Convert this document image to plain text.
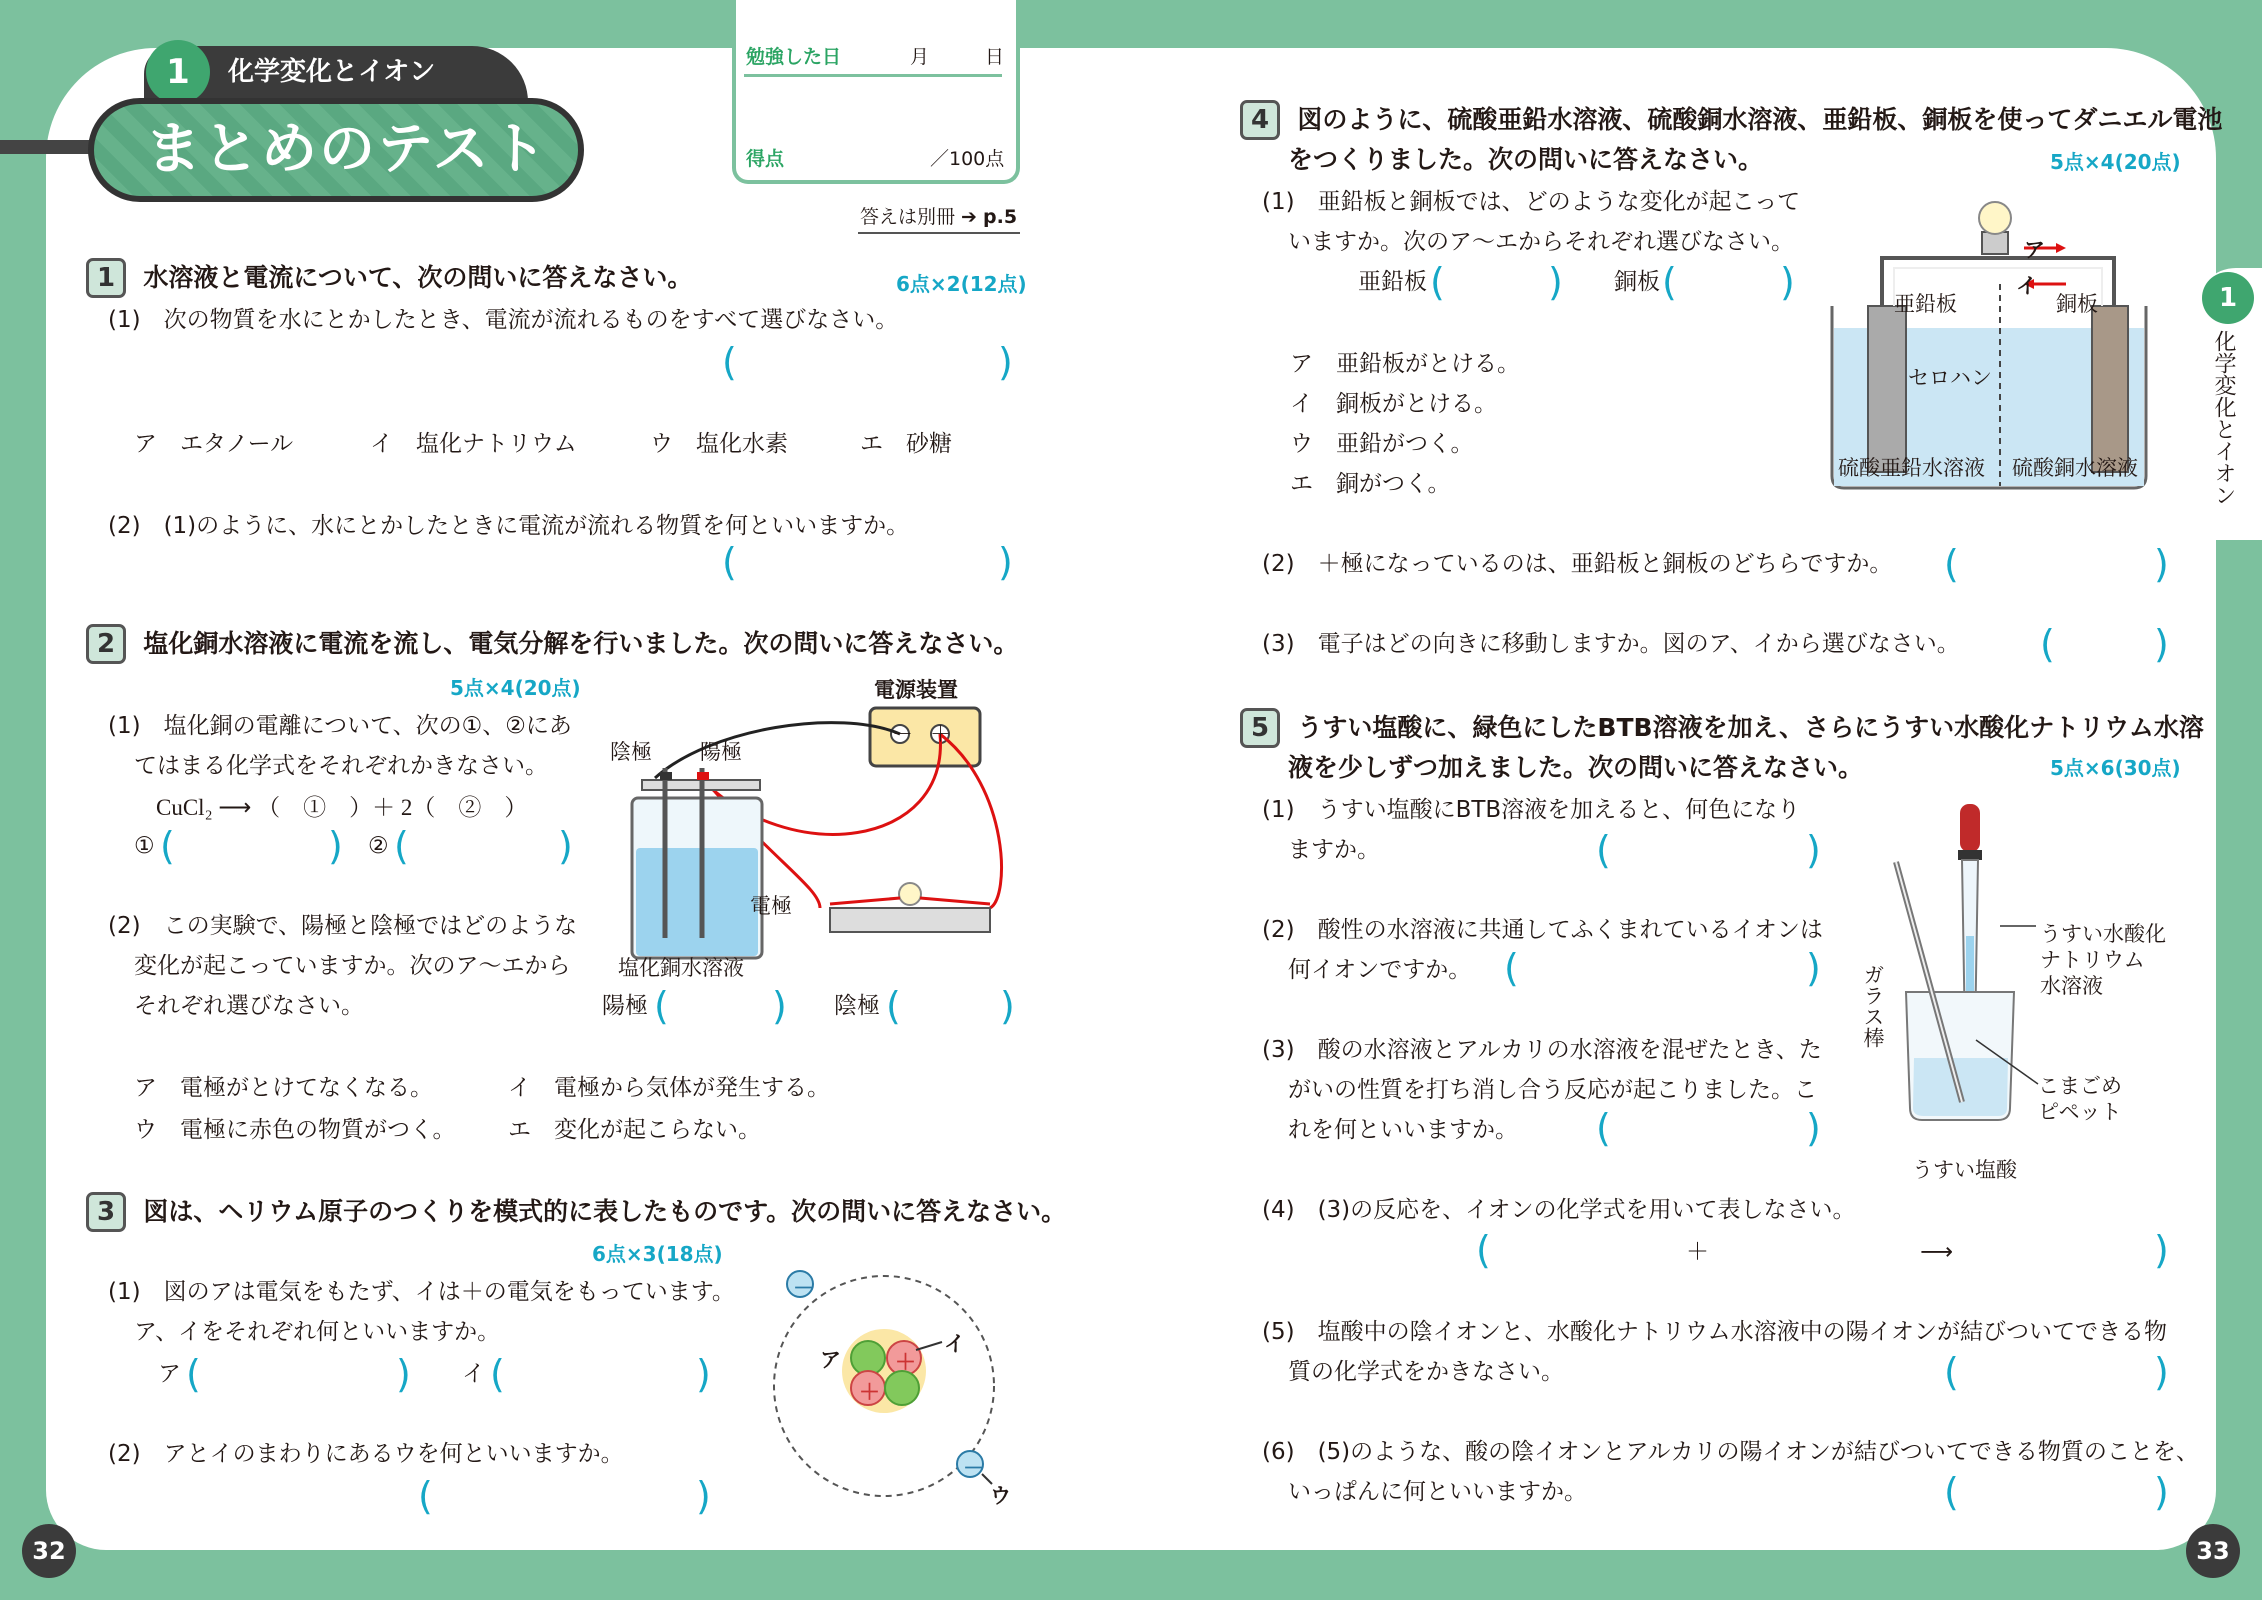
1	化学変化とイオン
まとめのテスト
勉強した日	月	日
得点	／100点
答えは別冊 ➔ p.5
1
化学変化とイオン
32	33
1 水溶液と電流について、次の問いに答えなさい。	6点×2(12点)
(1)　次の物質を水にとかしたとき、電流が流れるものをすべて選びなさい。
(	)
ア　エタノール	イ　塩化ナトリウム	ウ　塩化水素	エ　砂糖
(2)　(1)のように、水にとかしたときに電流が流れる物質を何といいますか。
(	)
2 塩化銅水溶液に電流を流し、電気分解を行いました。次の問いに答えなさい。
5点×4(20点)
(1)　塩化銅の電離について、次の①、②にあ
てはまる化学式をそれぞれかきなさい。
CuCl₂ ⟶ （　①　）＋ 2（　②　）
① (	) ② (	)
(2)　この実験で、陽極と陰極ではどのような
変化が起こっていますか。次のア～エから
それぞれ選びなさい。	陽極 (	) 陰極 (	)
ア　電極がとけてなくなる。	イ　電極から気体が発生する。
ウ　電極に赤色の物質がつく。 エ　変化が起こらない。
電源装置
－ ＋
陰極 陽極
電極
塩化銅水溶液
3 図は、ヘリウム原子のつくりを模式的に表したものです。次の問いに答えなさい。
6点×3(18点)
(1)　図のアは電気をもたず、イは＋の電気をもっています。
ア、イをそれぞれ何といいますか。
ア (	) イ (	)
(2)　アとイのまわりにあるウを何といいますか。
(	)
－
－
＋
＋
ア
イ
ウ
4 図のように、硫酸亜鉛水溶液、硫酸銅水溶液、亜鉛板、銅板を使ってダニエル電池
をつくりました。次の問いに答えなさい。	5点×4(20点)
(1)　亜鉛板と銅板では、どのような変化が起こって
いますか。次のア～エからそれぞれ選びなさい。
亜鉛板 (	) 銅板 (	)
ア　亜鉛板がとける。
イ　銅板がとける。
ウ　亜鉛がつく。
エ　銅がつく。
(2)　＋極になっているのは、亜鉛板と銅板のどちらですか。 (	)
(3)　電子はどの向きに移動しますか。図のア、イから選びなさい。 (	)
ア
イ
亜鉛板	銅板
セロハン
硫酸亜鉛水溶液 硫酸銅水溶液
5 うすい塩酸に、緑色にしたBTB溶液を加え、さらにうすい水酸化ナトリウム水溶
液を少しずつ加えました。次の問いに答えなさい。	5点×6(30点)
(1)　うすい塩酸にBTB溶液を加えると、何色になり
ますか。	(	)
(2)　酸性の水溶液に共通してふくまれているイオンは
何イオンですか。 (	)
(3)　酸の水溶液とアルカリの水溶液を混ぜたとき、た
がいの性質を打ち消し合う反応が起こりました。こ
れを何といいますか。 (	)
(4)　(3)の反応を、イオンの化学式を用いて表しなさい。
(	＋	⟶	)
(5)　塩酸中の陰イオンと、水酸化ナトリウム水溶液中の陽イオンが結びついてできる物
質の化学式をかきなさい。	(	)
(6)　(5)のような、酸の陰イオンとアルカリの陽イオンが結びついてできる物質のことを、
いっぱんに何といいますか。	(	)
うすい水酸化
ナトリウム
水溶液
ガラス棒
こまごめ
ピペット
うすい塩酸
